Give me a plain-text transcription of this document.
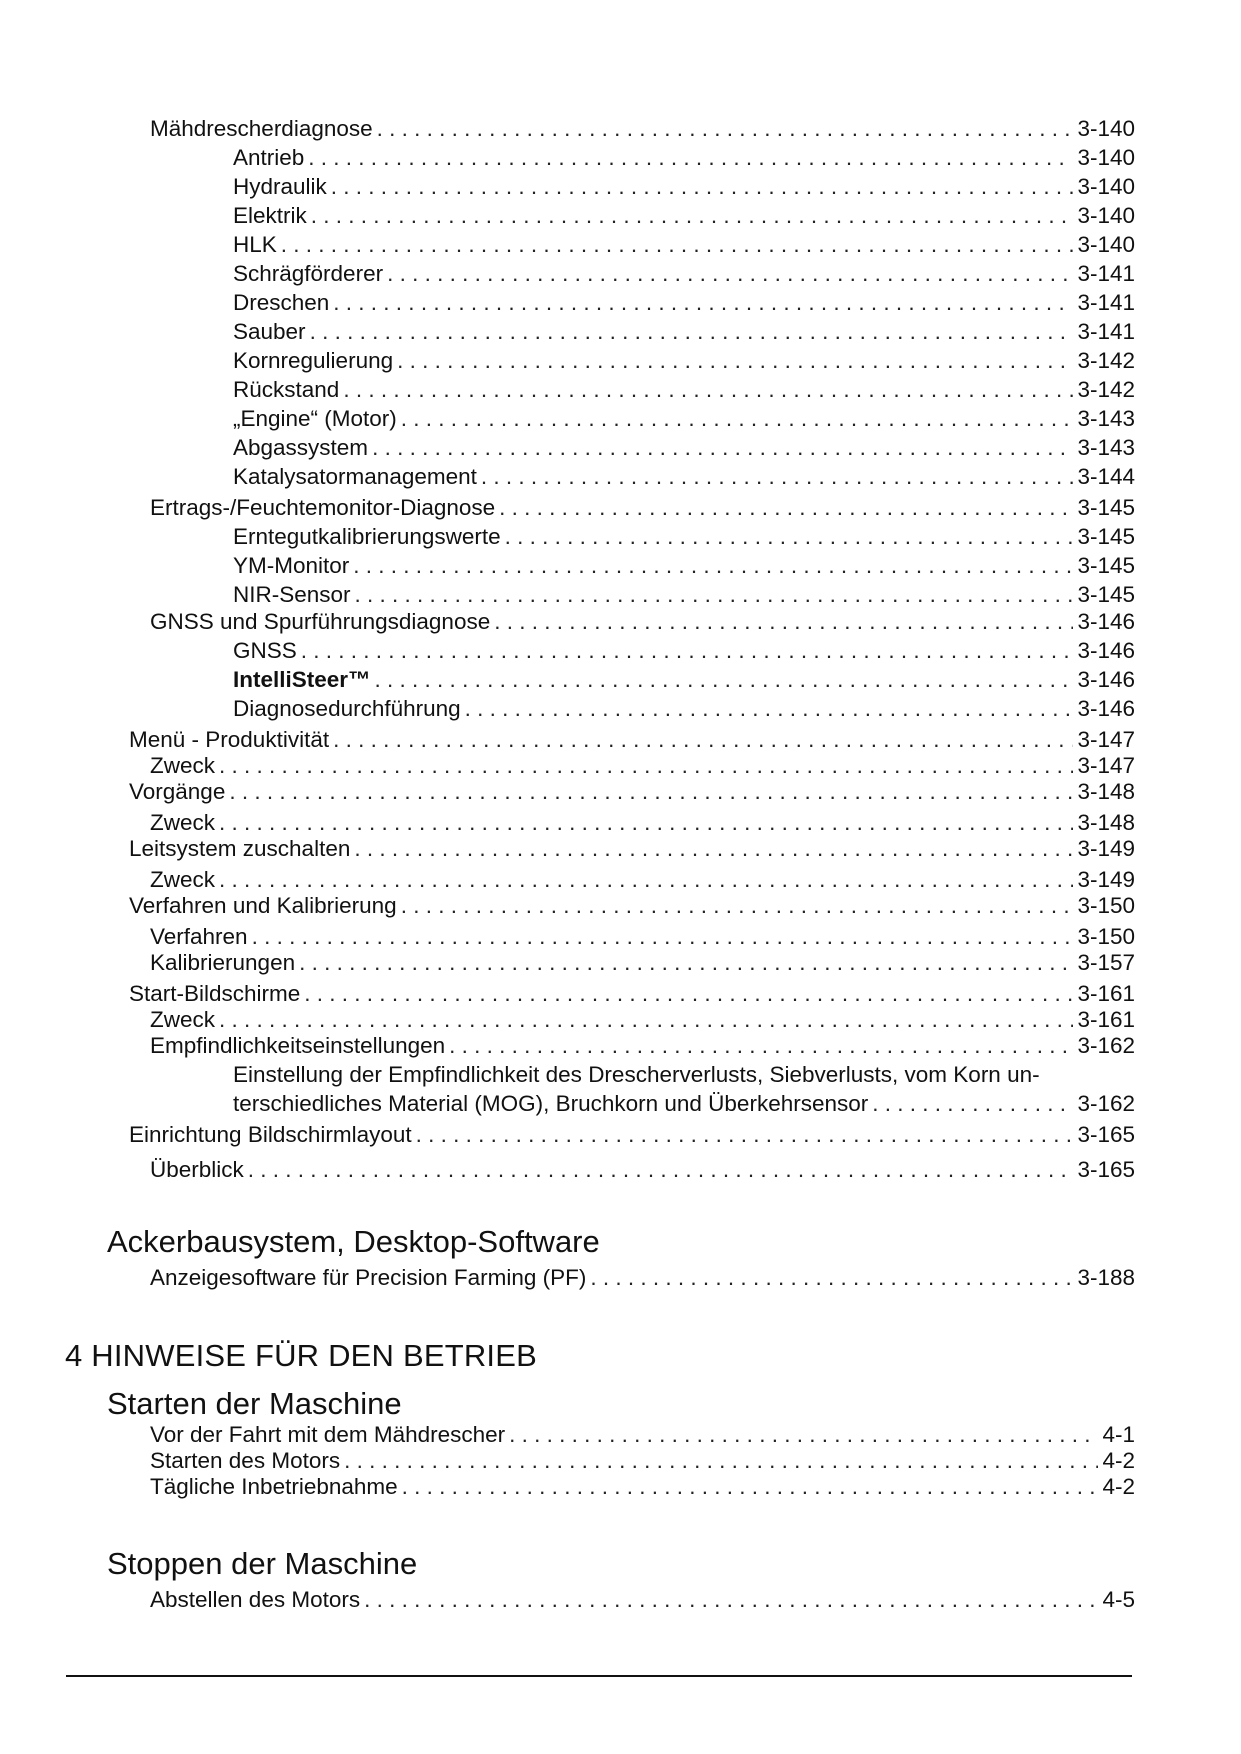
Mähdrescherdiagnose . . .	3-140
Antrieb . . .	3-140
Hydraulik . . .	3-140
Elektrik . . .	3-140
HLK . . .	3-140
Schrägförderer . . .	3-141
Dreschen . . .	3-141
Sauber . . .	3-141
Kornregulierung . . .	3-142
Rückstand . . .	3-142
„Engine“ (Motor) . . .	3-143
Abgassystem . . .	3-143
Katalysatormanagement . . .	3-144
Ertrags-/Feuchtemonitor-Diagnose . . .	3-145
Erntegutkalibrierungswerte . . .	3-145
YM-Monitor . . .	3-145
NIR-Sensor . . .	3-145
GNSS und Spurführungsdiagnose . . .	3-146
GNSS . . .	3-146
IntelliSteer™ . . .	3-146
Diagnosedurchführung . . .	3-146
Menü - Produktivität . . .	3-147
Zweck . . .	3-147
Vorgänge . . .	3-148
Zweck . . .	3-148
Leitsystem zuschalten . . .	3-149
Zweck . . .	3-149
Verfahren und Kalibrierung . . .	3-150
Verfahren . . .	3-150
Kalibrierungen . . .	3-157
Start-Bildschirme . . .	3-161
Zweck . . .	3-161
Empfindlichkeitseinstellungen . . .	3-162
Einstellung der Empfindlichkeit des Drescherverlusts, Siebverlusts, vom Korn un-
terschiedliches Material (MOG), Bruchkorn und Überkehrsensor . . .	3-162
Einrichtung Bildschirmlayout . . .	3-165
Überblick . . .	3-165
Ackerbausystem, Desktop-Software
Anzeigesoftware für Precision Farming (PF) . . .	3-188
4 HINWEISE FÜR DEN BETRIEB
Starten der Maschine
Vor der Fahrt mit dem Mähdrescher . . .	4-1
Starten des Motors . . .	4-2
Tägliche Inbetriebnahme . . .	4-2
Stoppen der Maschine
Abstellen des Motors . . .	4-5
